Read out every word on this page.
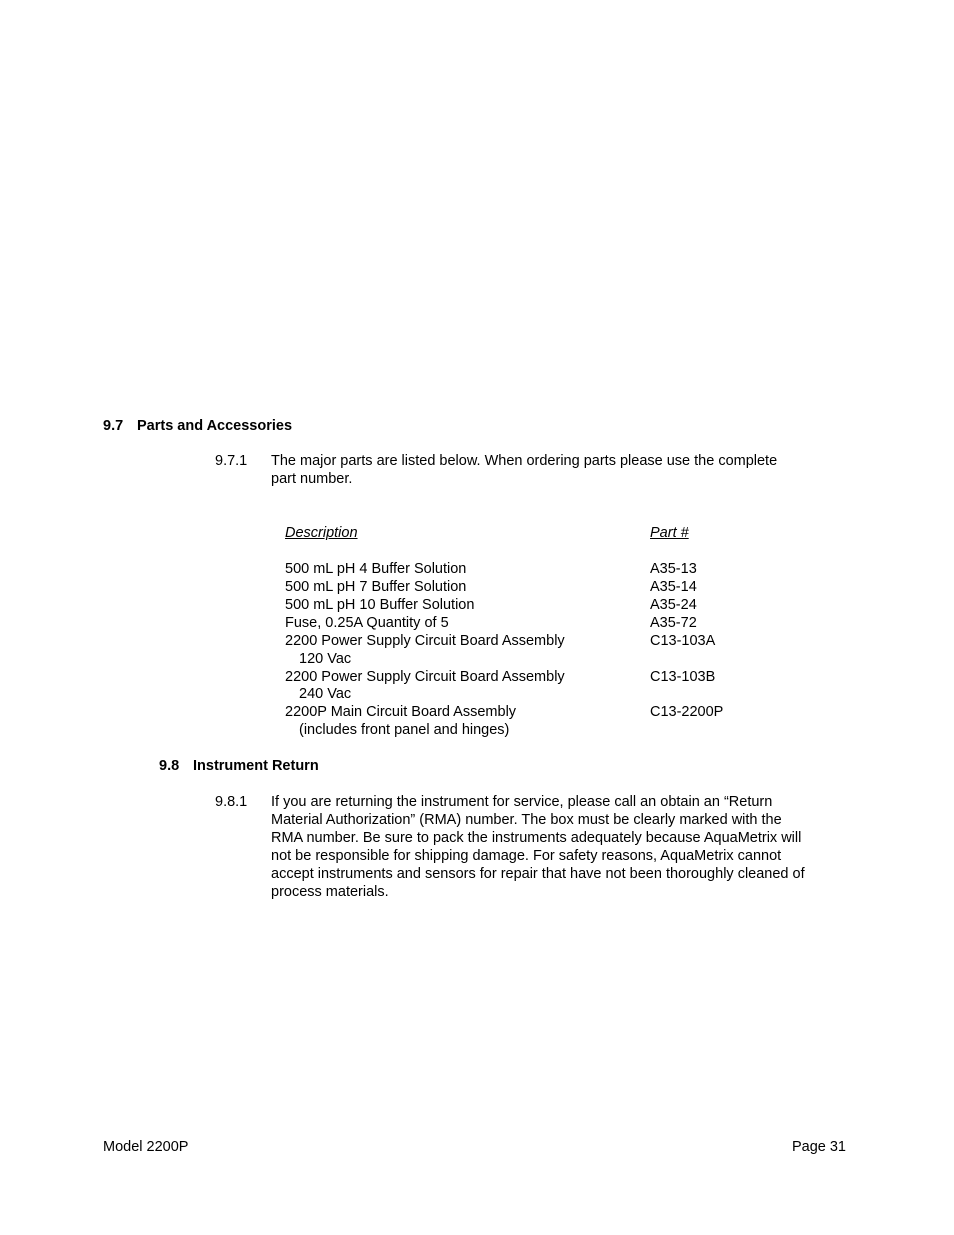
9.7 Parts and Accessories
9.7.1 The major parts are listed below. When ordering parts please use the complete
part number.
Description	Part #
500 mL pH 4 Buffer Solution	A35-13
500 mL pH 7 Buffer Solution	A35-14
500 mL pH 10 Buffer Solution	A35-24
Fuse, 0.25A Quantity of 5	A35-72
2200 Power Supply Circuit Board Assembly	C13-103A
120 Vac
2200 Power Supply Circuit Board Assembly	C13-103B
240 Vac
2200P Main Circuit Board Assembly	C13-2200P
(includes front panel and hinges)
9.8 Instrument Return
9.8.1 If you are returning the instrument for service, please call an obtain an “Return
Material Authorization” (RMA) number. The box must be clearly marked with the
RMA number. Be sure to pack the instruments adequately because AquaMetrix will
not be responsible for shipping damage. For safety reasons, AquaMetrix cannot
accept instruments and sensors for repair that have not been thoroughly cleaned of
process materials.
Model 2200P	Page 31
